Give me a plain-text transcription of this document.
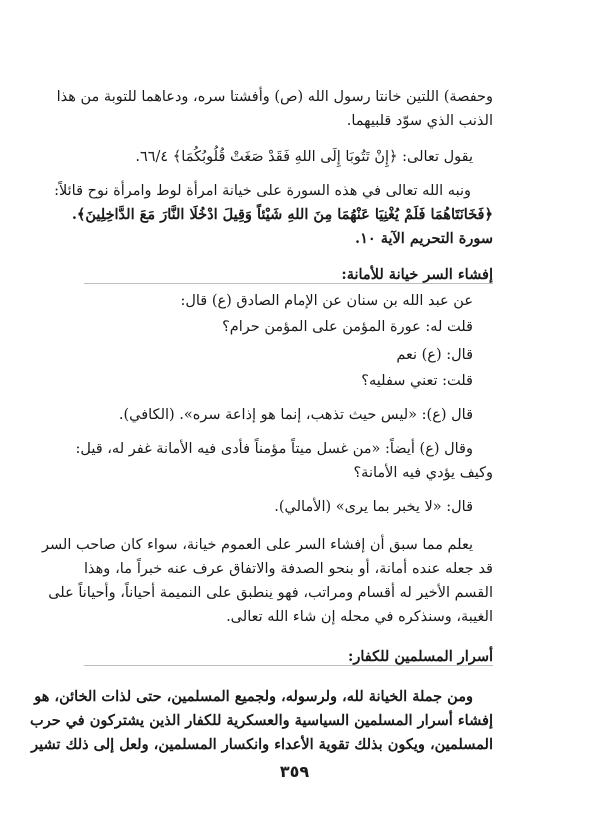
وحفصة) اللتين خانتا رسول الله (ص) وأفشتا سره، ودعاهما للتوبة من هذا
الذنب الذي سوّد قلبيهما.
يقول تعالى: ﴿إِنْ تَتُوبَا إِلَى اللهِ فَقَدْ صَغَتْ قُلُوبُكُمَا﴾ ٦٦/٤.
ونبه الله تعالى في هذه السورة على خيانة امرأة لوط وامرأة نوح قائلاً:
﴿فَخَانَتَاهُمَا فَلَمْ يُغْنِيَا عَنْهُمَا مِنَ اللهِ شَيْئاً وَقِيلَ ادْخُلَا النَّارَ مَعَ الدَّاخِلِينَ﴾.
سورة التحريم الآية ١٠.
إفشاء السر خيانة للأمانة:
عن عبد الله بن سنان عن الإمام الصادق (ع) قال:
قلت له: عورة المؤمن على المؤمن حرام؟
قال: (ع) نعم
قلت: تعني سفليه؟
قال (ع): «ليس حيث تذهب، إنما هو إذاعة سره». (الكافي).
وقال (ع) أيضاً: «من غسل ميتاً مؤمناً فأدى فيه الأمانة غفر له، قيل:
وكيف يؤدي فيه الأمانة؟
قال: «لا يخبر بما يرى» (الأمالي).
يعلم مما سبق أن إفشاء السر على العموم خيانة، سواء كان صاحب السر
قد جعله عنده أمانة، أو بنحو الصدفة والاتفاق عرف عنه خبراً ما، وهذا
القسم الأخير له أقسام ومراتب، فهو ينطبق على النميمة أحياناً، وأحياناً على
الغيبة، وسنذكره في محله إن شاء الله تعالى.
أسرار المسلمين للكفار:
ومن جملة الخيانة لله، ولرسوله، ولجميع المسلمين، حتى لذات الخائن، هو
إفشاء أسرار المسلمين السياسية والعسكرية للكفار الذين يشتركون في حرب
المسلمين، ويكون بذلك تقوية الأعداء وانكسار المسلمين، ولعل إلى ذلك تشير
٣٥٩
